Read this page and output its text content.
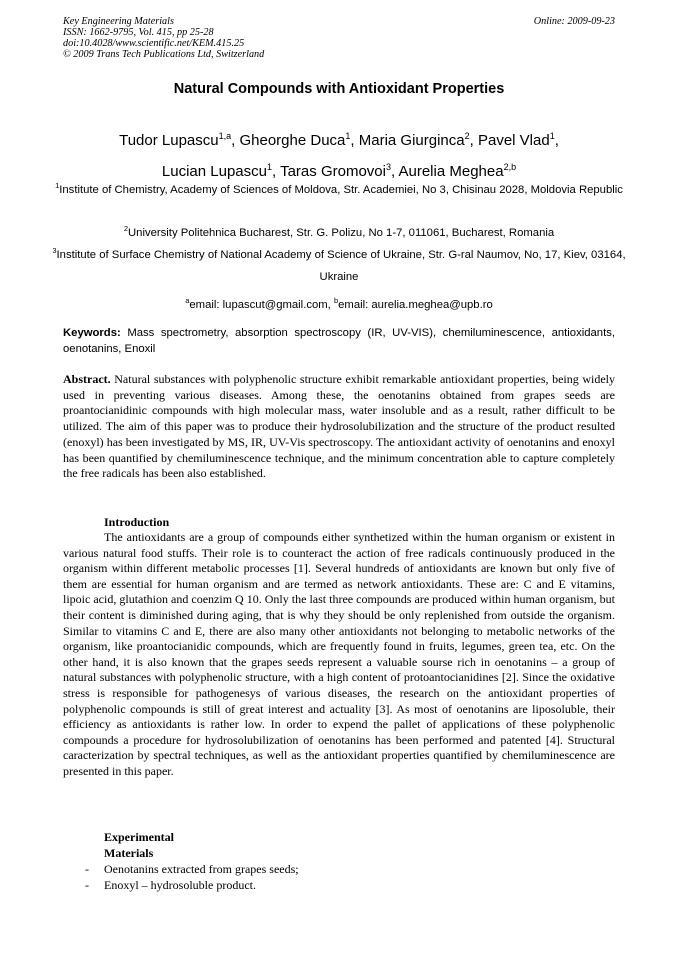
Key Engineering Materials
ISSN: 1662-9795, Vol. 415, pp 25-28
doi:10.4028/www.scientific.net/KEM.415.25
© 2009 Trans Tech Publications Ltd, Switzerland
Online: 2009-09-23
Natural Compounds with Antioxidant Properties
Tudor Lupascu$^{1,a}$, Gheorghe Duca$^1$, Maria Giurginca$^2$, Pavel Vlad$^1$,
Lucian Lupascu$^1$, Taras Gromovoi$^3$, Aurelia Meghea$^{2,b}$
$^1$Institute of Chemistry, Academy of Sciences of Moldova, Str. Academiei, No 3, Chisinau 2028, Moldovia Republic
$^2$University Politehnica Bucharest, Str. G. Polizu, No 1-7, 011061, Bucharest, Romania
$^3$Institute of Surface Chemistry of National Academy of Science of Ukraine, Str. G-ral Naumov, No, 17, Kiev, 03164, Ukraine
$^a$email: lupascut@gmail.com, $^b$email: aurelia.meghea@upb.ro
Keywords: Mass spectrometry, absorption spectroscopy (IR, UV-VIS), chemiluminescence, antioxidants, oenotanins, Enoxil
Abstract. Natural substances with polyphenolic structure exhibit remarkable antioxidant properties, being widely used in preventing various diseases. Among these, the oenotanins obtained from grapes seeds are proantocianidinic compounds with high molecular mass, water insoluble and as a result, rather difficult to be utilized. The aim of this paper was to produce their hydrosolubilization and the structure of the product resulted (enoxyl) has been investigated by MS, IR, UV-Vis spectroscopy. The antioxidant activity of oenotanins and enoxyl has been quantified by chemiluminescence technique, and the minimum concentration able to capture completely the free radicals has been also established.
Introduction
The antioxidants are a group of compounds either synthetized within the human organism or existent in various natural food stuffs. Their role is to counteract the action of free radicals continuously produced in the organism within different metabolic processes [1]. Several hundreds of antioxidants are known but only five of them are essential for human organism and are termed as network antioxidants. These are: C and E vitamins, lipoic acid, glutathion and coenzim Q 10. Only the last three compounds are produced within human organism, but their content is diminished during aging, that is why they should be only replenished from outside the organism. Similar to vitamins C and E, there are also many other antioxidants not belonging to metabolic networks of the organism, like proantocianidic compounds, which are frequently found in fruits, legumes, green tea, etc. On the other hand, it is also known that the grapes seeds represent a valuable sourse rich in oenotanins – a group of natural substances with polyphenolic structure, with a high content of protoantocianidines [2]. Since the oxidative stress is responsible for pathogenesys of various diseases, the research on the antioxidant properties of polyphenolic compounds is still of great interest and actuality [3]. As most of oenotanins are liposoluble, their efficiency as antioxidants is rather low. In order to expend the pallet of applications of these polyphenolic compounds a procedure for hydrosolubilization of oenotanins has been performed and patented [4]. Structural caracterization by spectral techniques, as well as the antioxidant properties quantified by chemiluminescence are presented in this paper.
Experimental
Materials
- Oenotanins extracted from grapes seeds;
- Enoxyl – hydrosoluble product.
